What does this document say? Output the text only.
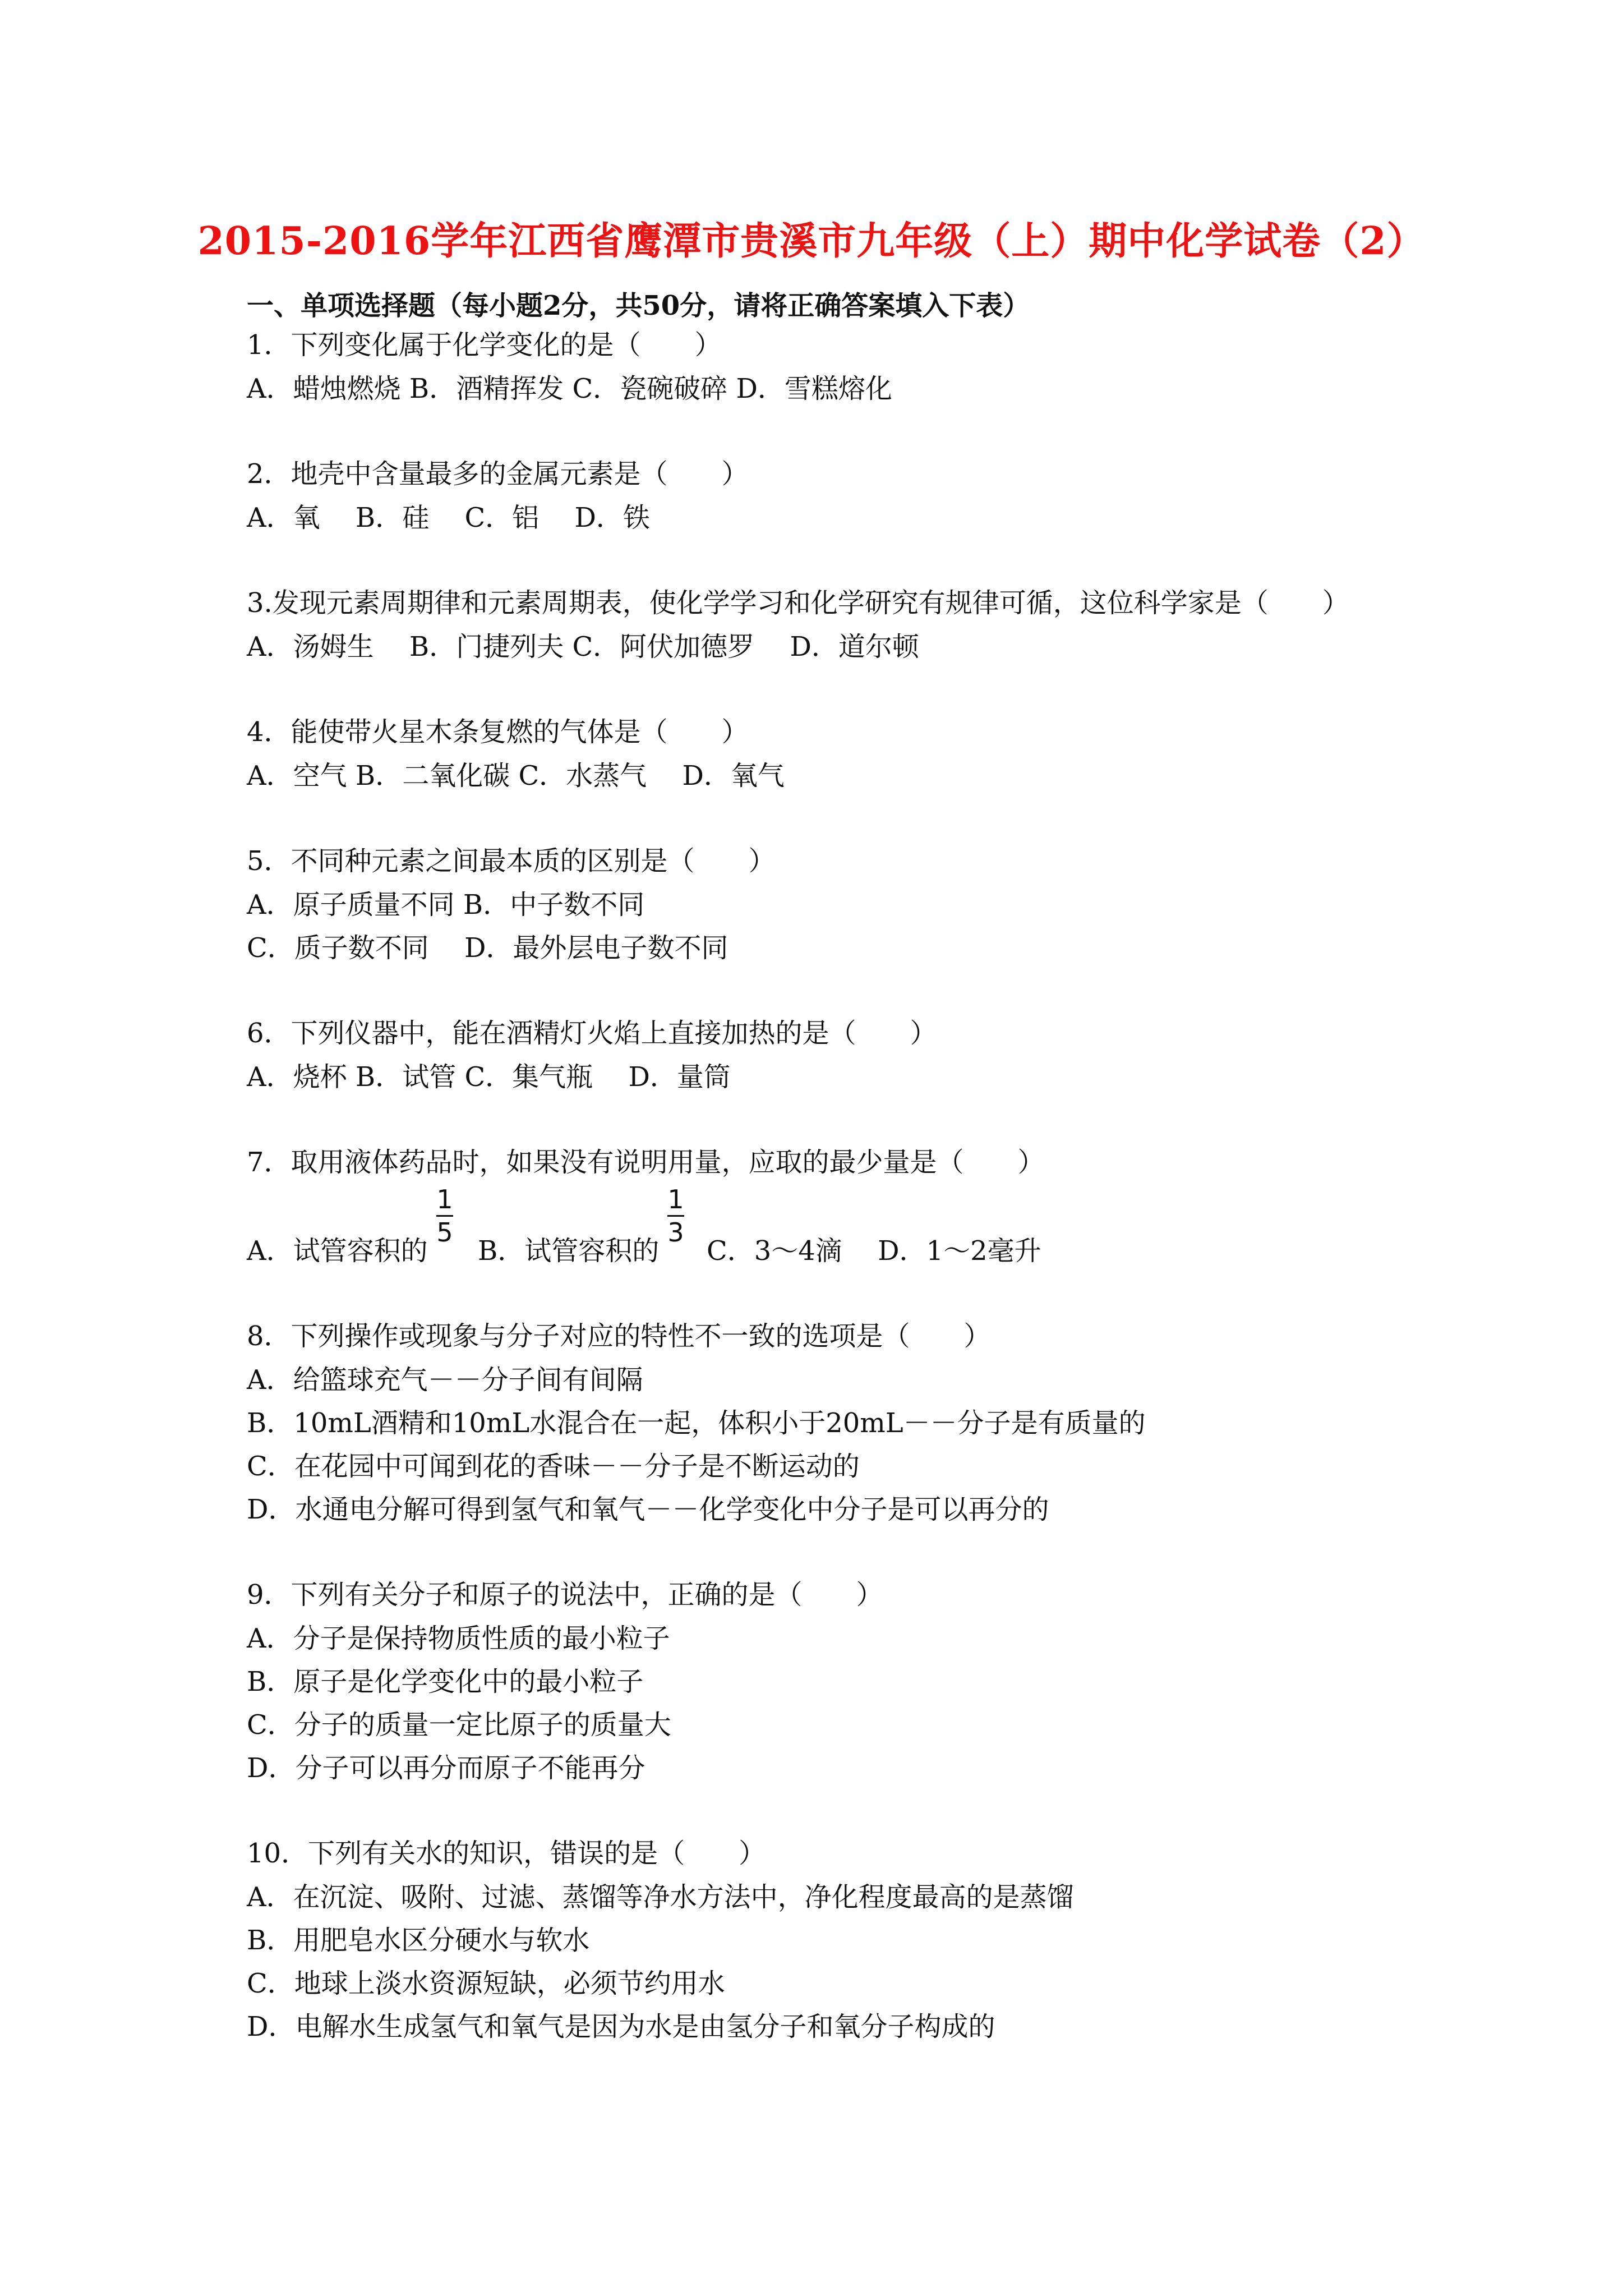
2015-2016学年江西省鹰潭市贵溪市九年级（上）期中化学试卷（2）
一、单项选择题（每小题2分，共50分，请将正确答案填入下表）
1．下列变化属于化学变化的是（　　）
A．蜡烛燃烧 B．酒精挥发 C．瓷碗破碎 D．雪糕熔化
2．地壳中含量最多的金属元素是（　　）
A．氧　 B．硅　 C．铝　 D．铁
3.发现元素周期律和元素周期表，使化学学习和化学研究有规律可循，这位科学家是（　　）
A．汤姆生　 B．门捷列夫 C．阿伏加德罗　 D．道尔顿
4．能使带火星木条复燃的气体是（　　）
A．空气 B．二氧化碳 C．水蒸气　 D．氧气
5．不同种元素之间最本质的区别是（　　）
A．原子质量不同 B．中子数不同
C．质子数不同　 D．最外层电子数不同
6．下列仪器中，能在酒精灯火焰上直接加热的是（　　）
A．烧杯 B．试管 C．集气瓶　 D．量筒
7．取用液体药品时，如果没有说明用量，应取的最少量是（　　）
A．试管容积的
1
5
B．试管容积的
1
3
C．3～4滴　 D．1～2毫升
8．下列操作或现象与分子对应的特性不一致的选项是（　　）
A．给篮球充气－－分子间有间隔
B．10mL酒精和10mL水混合在一起，体积小于20mL－－分子是有质量的
C．在花园中可闻到花的香味－－分子是不断运动的
D．水通电分解可得到氢气和氧气－－化学变化中分子是可以再分的
9．下列有关分子和原子的说法中，正确的是（　　）
A．分子是保持物质性质的最小粒子
B．原子是化学变化中的最小粒子
C．分子的质量一定比原子的质量大
D．分子可以再分而原子不能再分
10．下列有关水的知识，错误的是（　　）
A．在沉淀、吸附、过滤、蒸馏等净水方法中，净化程度最高的是蒸馏
B．用肥皂水区分硬水与软水
C．地球上淡水资源短缺，必须节约用水
D．电解水生成氢气和氧气是因为水是由氢分子和氧分子构成的
